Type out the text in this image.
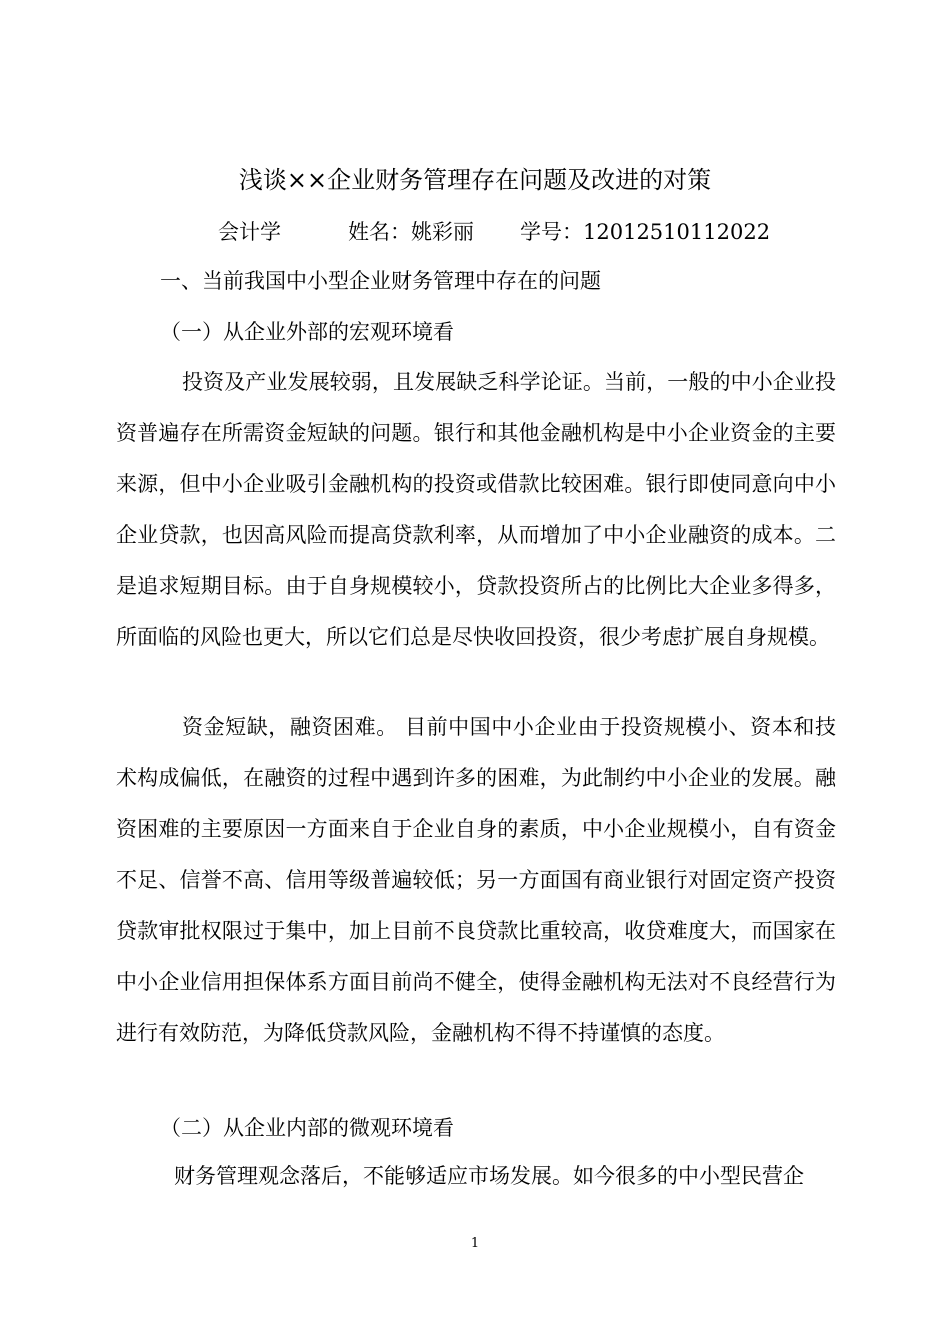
浅谈××企业财务管理存在问题及改进的对策
会计学	姓名：姚彩丽 学号：12012510112022
一、当前我国中小型企业财务管理中存在的问题
（一）从企业外部的宏观环境看

投资及产业发展较弱，且发展缺乏科学论证。当前，一般的中小企业投资普遍存在所需资金短缺的问题。银行和其他金融机构是中小企业资金的主要来源，但中小企业吸引金融机构的投资或借款比较困难。银行即使同意向中小企业贷款，也因高风险而提高贷款利率，从而增加了中小企业融资的成本。二是追求短期目标。由于自身规模较小，贷款投资所占的比例比大企业多得多，所面临的风险也更大，所以它们总是尽快收回投资，很少考虑扩展自身规模。

资金短缺，融资困难。 目前中国中小企业由于投资规模小、资本和技术构成偏低，在融资的过程中遇到许多的困难，为此制约中小企业的发展。融资困难的主要原因一方面来自于企业自身的素质，中小企业规模小，自有资金不足、信誉不高、信用等级普遍较低；另一方面国有商业银行对固定资产投资贷款审批权限过于集中，加上目前不良贷款比重较高，收贷难度大，而国家在中小企业信用担保体系方面目前尚不健全，使得金融机构无法对不良经营行为进行有效防范，为降低贷款风险，金融机构不得不持谨慎的态度。

（二）从企业内部的微观环境看

财务管理观念落后，不能够适应市场发展。如今很多的中小型民营企

1
